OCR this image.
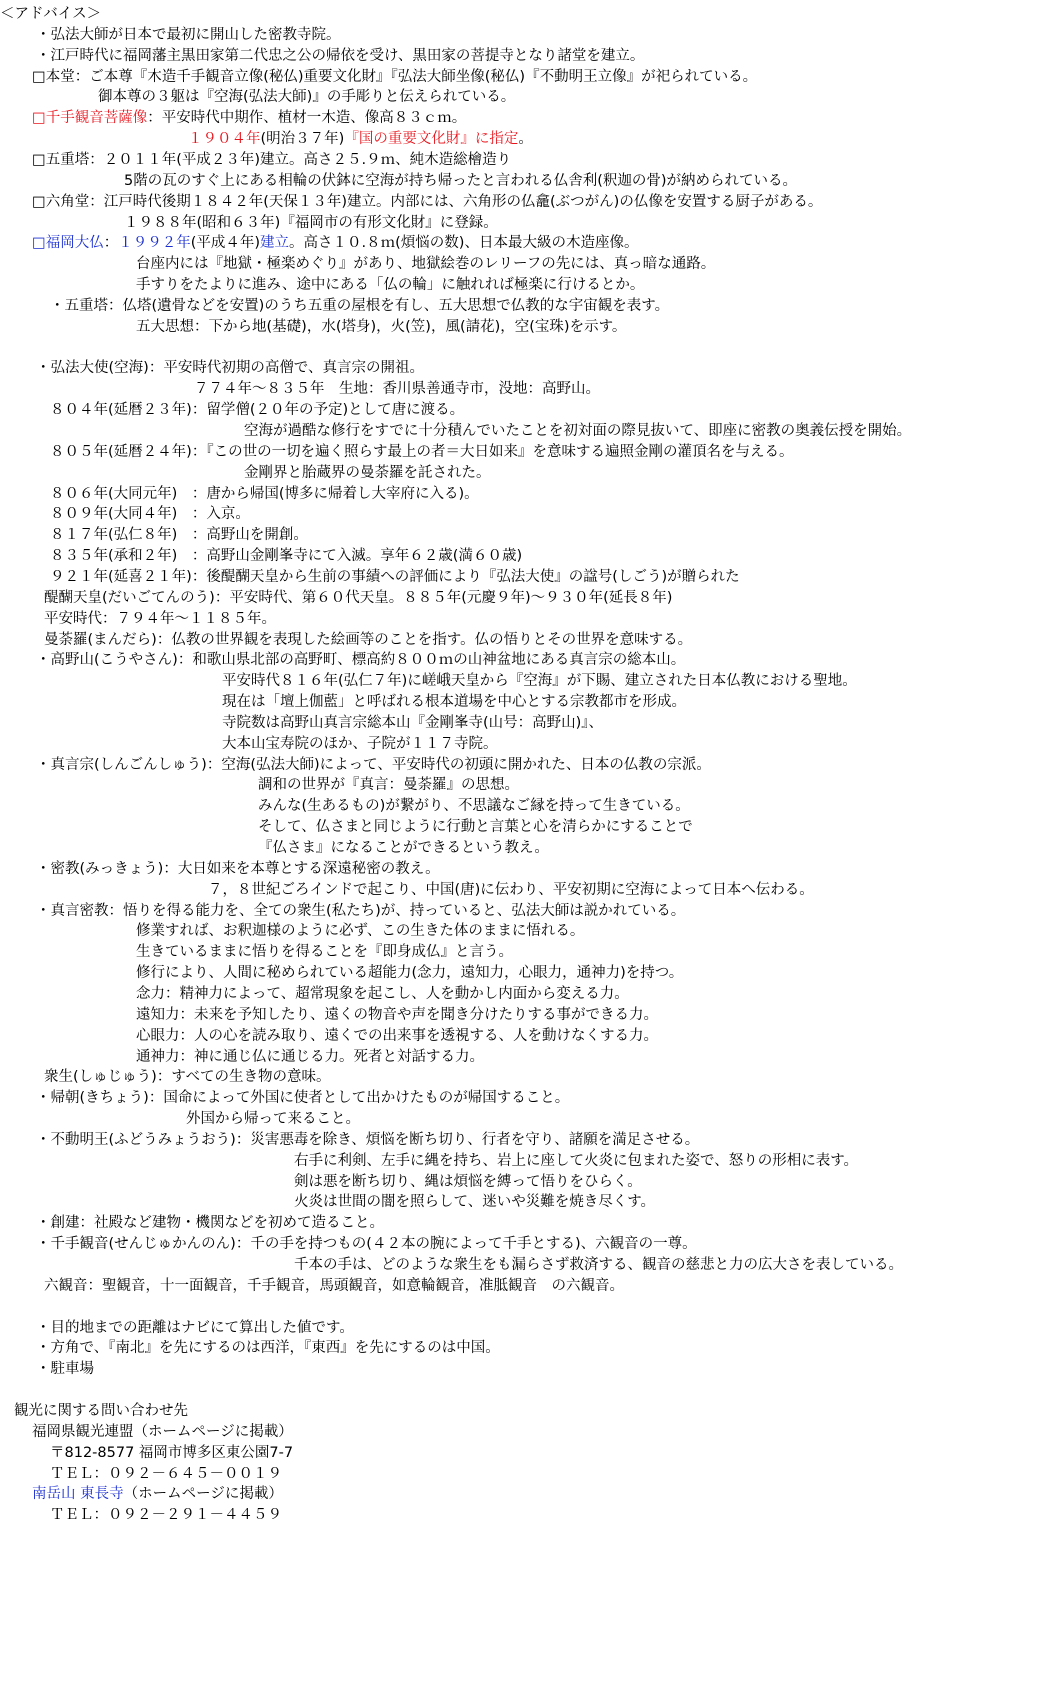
＜アドバイス＞
・弘法大師が日本で最初に開山した密教寺院。
・江戸時代に福岡藩主黒田家第二代忠之公の帰依を受け、黒田家の菩提寺となり諸堂を建立。
□本堂：ご本尊『木造千手観音立像(秘仏)重要文化財』『弘法大師坐像(秘仏)『不動明王立像』が祀られている。
御本尊の３躯は『空海(弘法大師)』の手彫りと伝えられている。
□千手観音菩薩像：平安時代中期作、植材一木造、像高８３ｃｍ。
１９０４年(明治３７年)『国の重要文化財』に指定。
□五重塔：２０１１年(平成２３年)建立。高さ２５.９ｍ、純木造総檜造り
5階の瓦のすぐ上にある相輪の伏鉢に空海が持ち帰ったと言われる仏舎利(釈迦の骨)が納められている。
□六角堂：江戸時代後期１８４２年(天保１３年)建立。内部には、六角形の仏龕(ぶつがん)の仏像を安置する厨子がある。
１９８８年(昭和６３年)『福岡市の有形文化財』に登録。
□福岡大仏：１９９２年(平成４年)建立。高さ１０.８ｍ(煩悩の数)、日本最大級の木造座像。
台座内には『地獄・極楽めぐり』があり、地獄絵巻のレリーフの先には、真っ暗な通路。
手すりをたよりに進み、途中にある「仏の輪」に触れれば極楽に行けるとか。
・五重塔：仏塔(遺骨などを安置)のうち五重の屋根を有し、五大思想で仏教的な宇宙観を表す。
五大思想：下から地(基礎)，水(塔身)，火(笠)，風(請花)，空(宝珠)を示す。
・弘法大使(空海)：平安時代初期の高僧で、真言宗の開祖。
７７４年～８３５年　生地：香川県善通寺市，没地：高野山。
８０４年(延暦２３年)：留学僧(２０年の予定)として唐に渡る。
空海が過酷な修行をすでに十分積んでいたことを初対面の際見抜いて、即座に密教の奥義伝授を開始。
８０５年(延暦２４年)：『この世の一切を遍く照らす最上の者＝大日如来』を意味する遍照金剛の灌頂名を与える。
金剛界と胎蔵界の曼荼羅を託された。
８０６年(大同元年)　：唐から帰国(博多に帰着し大宰府に入る)。
８０９年(大同４年)　：入京。
８１７年(弘仁８年)　：高野山を開創。
８３５年(承和２年)　：高野山金剛峯寺にて入滅。享年６２歳(満６０歳)
９２１年(延喜２１年)：後醍醐天皇から生前の事績への評価により『弘法大使』の諡号(しごう)が贈られた
醍醐天皇(だいごてんのう)：平安時代、第６０代天皇。８８５年(元慶９年)～９３０年(延長８年)
平安時代：７９４年～１１８５年。
曼荼羅(まんだら)：仏教の世界観を表現した絵画等のことを指す。仏の悟りとその世界を意味する。
・高野山(こうやさん)：和歌山県北部の高野町、標高約８００ｍの山神盆地にある真言宗の総本山。
平安時代８１６年(弘仁７年)に嵯峨天皇から『空海』が下賜、建立された日本仏教における聖地。
現在は「壇上伽藍」と呼ばれる根本道場を中心とする宗教都市を形成。
寺院数は高野山真言宗総本山『金剛峯寺(山号：高野山)』、
大本山宝寿院のほか、子院が１１７寺院。
・真言宗(しんごんしゅう)：空海(弘法大師)によって、平安時代の初頭に開かれた、日本の仏教の宗派。
調和の世界が『真言：曼荼羅』の思想。
みんな(生あるもの)が繋がり、不思議なご縁を持って生きている。
そして、仏さまと同じように行動と言葉と心を清らかにすることで
『仏さま』になることができるという教え。
・密教(みっきょう)：大日如来を本尊とする深遠秘密の教え。
７，８世紀ごろインドで起こり、中国(唐)に伝わり、平安初期に空海によって日本へ伝わる。
・真言密教：悟りを得る能力を、全ての衆生(私たち)が、持っていると、弘法大師は説かれている。
修業すれば、お釈迦様のように必ず、この生きた体のままに悟れる。
生きているままに悟りを得ることを『即身成仏』と言う。
修行により、人間に秘められている超能力(念力，遠知力，心眼力，通神力)を持つ。
念力：精神力によって、超常現象を起こし、人を動かし内面から変える力。
遠知力：未来を予知したり、遠くの物音や声を聞き分けたりする事ができる力。
心眼力：人の心を読み取り、遠くでの出来事を透視する、人を動けなくする力。
通神力：神に通じ仏に通じる力。死者と対話する力。
衆生(しゅじゅう)：すべての生き物の意味。
・帰朝(きちょう)：国命によって外国に使者として出かけたものが帰国すること。
外国から帰って来ること。
・不動明王(ふどうみょうおう)：災害悪毒を除き、煩悩を断ち切り、行者を守り、諸願を満足させる。
右手に利剣、左手に縄を持ち、岩上に座して火炎に包まれた姿で、怒りの形相に表す。
剣は悪を断ち切り、縄は煩悩を縛って悟りをひらく。
火炎は世間の闇を照らして、迷いや災難を焼き尽くす。
・創建：社殿など建物・機関などを初めて造ること。
・千手観音(せんじゅかんのん)：千の手を持つもの(４２本の腕によって千手とする)、六観音の一尊。
千本の手は、どのような衆生をも漏らさず救済する、観音の慈悲と力の広大さを表している。
六観音：聖観音，十一面観音，千手観音，馬頭観音，如意輪観音，准胝観音　の六観音。
・目的地までの距離はナビにて算出した値です。
・方角で、『南北』を先にするのは西洋，『東西』を先にするのは中国。
・駐車場
観光に関する問い合わせ先
福岡県観光連盟（ホームページに掲載）
〒812-8577 福岡市博多区東公園7-7
ＴＥＬ：０９２－６４５－００１９
南岳山 東長寺（ホームページに掲載）
ＴＥＬ：０９２－２９１－４４５９
